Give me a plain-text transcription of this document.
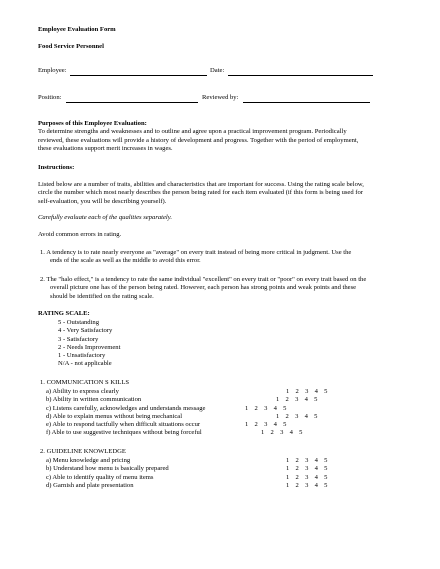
Employee Evaluation Form
Food Service Personnel
Employee:	Date:
Position:	Reviewed by:
Purposes of this Employee Evaluation:
To determine strengths and weaknesses and to outline and agree upon a practical improvement program. Periodically
reviewed, these evaluations will provide a history of development and progress. Together with the period of employment,
these evaluations support merit increases in wages.
Instructions:
Listed below are a number of traits, abilities and characteristics that are important for success. Using the rating scale below,
circle the number which most nearly describes the person being rated for each item evaluated (if this form is being used for
self-evaluation, you will be describing yourself).
Carefully evaluate each of the qualities separately.
Avoid common errors in rating.
1. A tendency is to rate nearly everyone as "average" on every trait instead of being more critical in judgment. Use the
ends of the scale as well as the middle to avoid this error.
2. The "halo effect," is a tendency to rate the same individual "excellent" on every trait or "poor" on every trait based on the
overall picture one has of the person being rated. However, each person has strong points and weak points and these
should be identified on the rating scale.
RATING SCALE:
5 - Outstanding
4 - Very Satisfactory
3 - Satisfactory
2 - Needs Improvement
1 - Unsatisfactory
N/A - not applicable
1. COMMUNICATION S KILLS
a) Ability to express clearly	1 2 3 4 5
b) Ability in written communication	1 2 3 4 5
c) Listens carefully, acknowledges and understands message	1 2 3 4 5
d) Able to explain menus without being mechanical	1 2 3 4 5
e) Able to respond tactfully when difficult situations occur	1 2 3 4 5
f) Able to use suggestive techniques without being forceful	1 2 3 4 5
2. GUIDELINE KNOWLEDGE
a) Menu knowledge and pricing	1 2 3 4 5
b) Understand how menu is basically prepared	1 2 3 4 5
c) Able to identify quality of menu items	1 2 3 4 5
d) Garnish and plate presentation	1 2 3 4 5
